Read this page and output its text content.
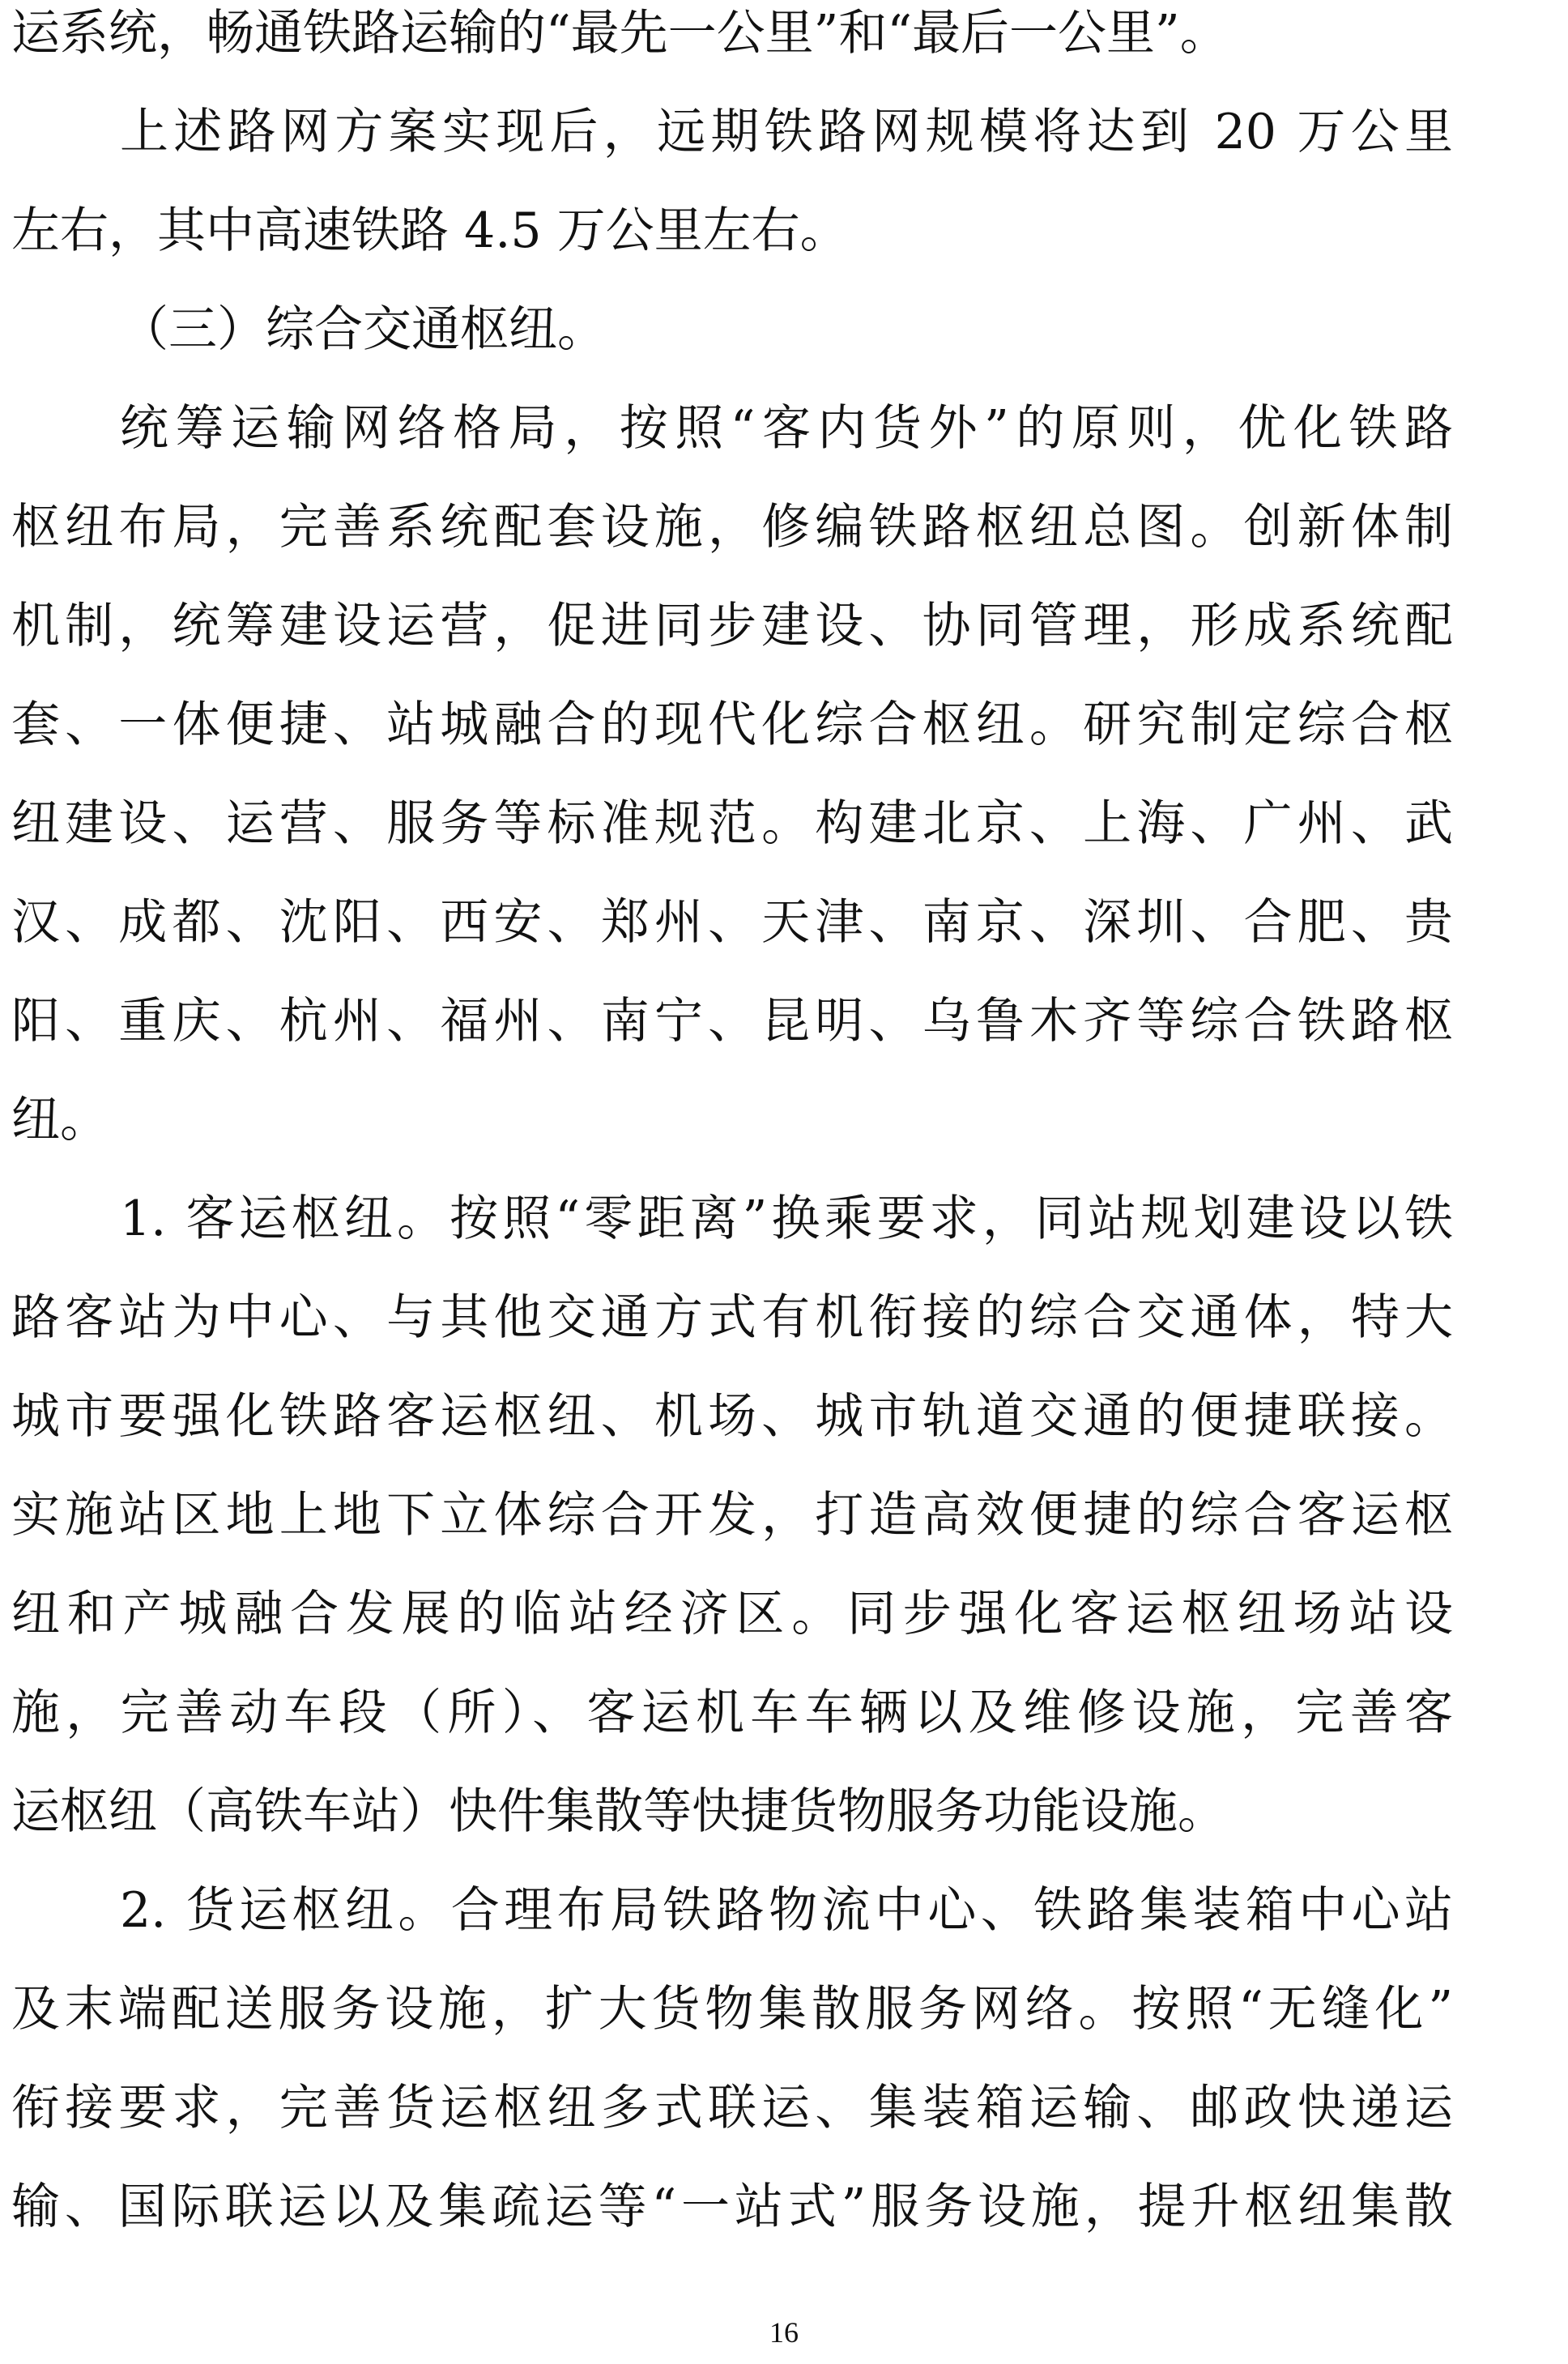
运系统，畅通铁路运输的“最先一公里”和“最后一公里”。
上述路网方案实现后，远期铁路网规模将达到 20 万公里
左右，其中高速铁路 4.5 万公里左右。
（三）综合交通枢纽。
统筹运输网络格局，按照“客内货外”的原则，优化铁路
枢纽布局，完善系统配套设施，修编铁路枢纽总图。创新体制
机制，统筹建设运营，促进同步建设、协同管理，形成系统配
套、一体便捷、站城融合的现代化综合枢纽。研究制定综合枢
纽建设、运营、服务等标准规范。构建北京、上海、广州、武
汉、成都、沈阳、西安、郑州、天津、南京、深圳、合肥、贵
阳、重庆、杭州、福州、南宁、昆明、乌鲁木齐等综合铁路枢
纽。
1. 客运枢纽。按照“零距离”换乘要求，同站规划建设以铁
路客站为中心、与其他交通方式有机衔接的综合交通体，特大
城市要强化铁路客运枢纽、机场、城市轨道交通的便捷联接。
实施站区地上地下立体综合开发，打造高效便捷的综合客运枢
纽和产城融合发展的临站经济区。同步强化客运枢纽场站设
施，完善动车段（所）、客运机车车辆以及维修设施，完善客
运枢纽（高铁车站）快件集散等快捷货物服务功能设施。
2. 货运枢纽。合理布局铁路物流中心、铁路集装箱中心站
及末端配送服务设施，扩大货物集散服务网络。按照“无缝化”
衔接要求，完善货运枢纽多式联运、集装箱运输、邮政快递运
输、国际联运以及集疏运等“一站式”服务设施，提升枢纽集散
16
